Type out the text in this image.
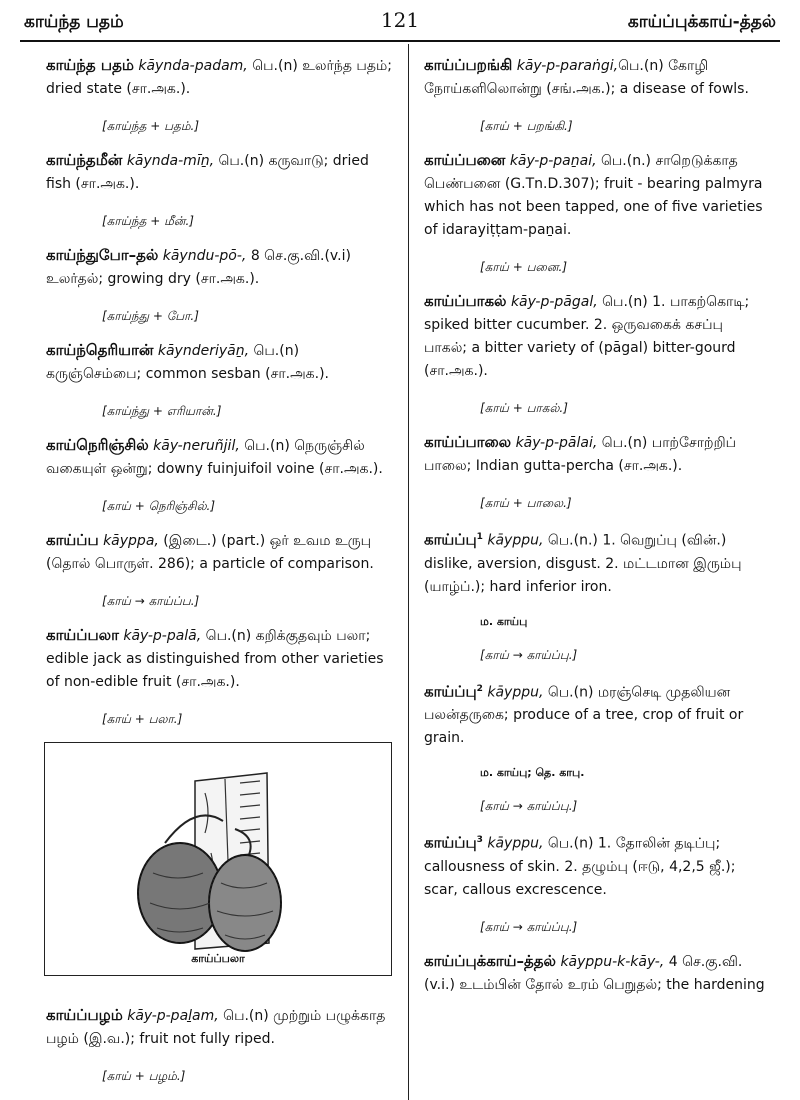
காய்ந்த பதம்	121	காய்ப்புக்காய்-த்தல்

காய்ந்த பதம் kāynda-padam, பெ.(n) உலர்ந்த பதம்; dried state (சா.அக.).

[காய்ந்த + பதம்.]

காய்ந்தமீன் kāynda-mīṉ, பெ.(n) கருவாடு; dried fish (சா.அக.).

[காய்ந்த + மீன்.]

காய்ந்துபோ–தல் kāyndu-pō-, 8 செ.கு.வி.(v.i) உலர்தல்; growing dry (சா.அக.).

[காய்ந்து + போ.]

காய்ந்தெரியான் kāynderiyāṉ, பெ.(n) கருஞ்செம்பை; common sesban (சா.அக.).

[காய்ந்து + எரியான்.]

காய்நெரிஞ்சில் kāy-neruñjil, பெ.(n) நெருஞ்சில் வகையுள் ஒன்று; downy fuinjuifoil voine (சா.அக.).

[காய் + நெரிஞ்சில்.]

காய்ப்ப kāyppa, (இடை.) (part.) ஒர் உவம உருபு (தொல் பொருள். 286); a particle of comparison.

[காய் → காய்ப்ப.]

காய்ப்பலா kāy-p-palā, பெ.(n) கறிக்குதவும் பலா; edible jack as distinguished from other varieties of non-edible fruit (சா.அக.).

[காய் + பலா.]
காய்ப்பலா

காய்ப்பழம் kāy-p-paḻam, பெ.(n) முற்றும் பழுக்காத பழம் (இ.வ.); fruit not fully riped.

[காய் + பழம்.]

காய்ப்பறங்கி kāy-p-paraṅgi,பெ.(n) கோழி நோய்களிலொன்று (சங்.அக.); a disease of fowls.

[காய் + பறங்கி.]

காய்ப்பனை kāy-p-paṉai, பெ.(n.) சாறெடுக்காத பெண்பனை (G.Tn.D.307); fruit - bearing palmyra which has not been tapped, one of five varieties of idarayiṭṭam-paṉai.

[காய் + பனை.]

காய்ப்பாகல் kāy-p-pāgal, பெ.(n) 1. பாகற்கொடி; spiked bitter cucumber. 2. ஒருவகைக் கசப்பு பாகல்; a bitter variety of (pāgal) bitter-gourd (சா.அக.).

[காய் + பாகல்.]

காய்ப்பாலை kāy-p-pālai, பெ.(n) பாற்சோற்றிப் பாலை; Indian gutta-percha (சா.அக.).

[காய் + பாலை.]

காய்ப்பு$^1$ kāyppu, பெ.(n.) 1. வெறுப்பு (வின்.) dislike, aversion, disgust. 2. மட்டமான இரும்பு (யாழ்ப்.); hard inferior iron.

ம. காய்பு
[காய் → காய்ப்பு.]

காய்ப்பு$^2$ kāyppu, பெ.(n) மரஞ்செடி முதலியன பலன்தருகை; produce of a tree, crop of fruit or grain.

ம. காய்பு; தெ. காபு.
[காய் → காய்ப்பு.]

காய்ப்பு$^3$ kāyppu, பெ.(n) 1. தோலின் தடிப்பு; callousness of skin. 2. தழும்பு (ஈடு, 4,2,5 ஜீ.); scar, callous excrescence.

[காய் → காய்ப்பு.]

காய்ப்புக்காய்–த்தல் kāyppu-k-kāy-, 4 செ.கு.வி.(v.i.) உடம்பின் தோல் உரம் பெறுதல்; the hardening
